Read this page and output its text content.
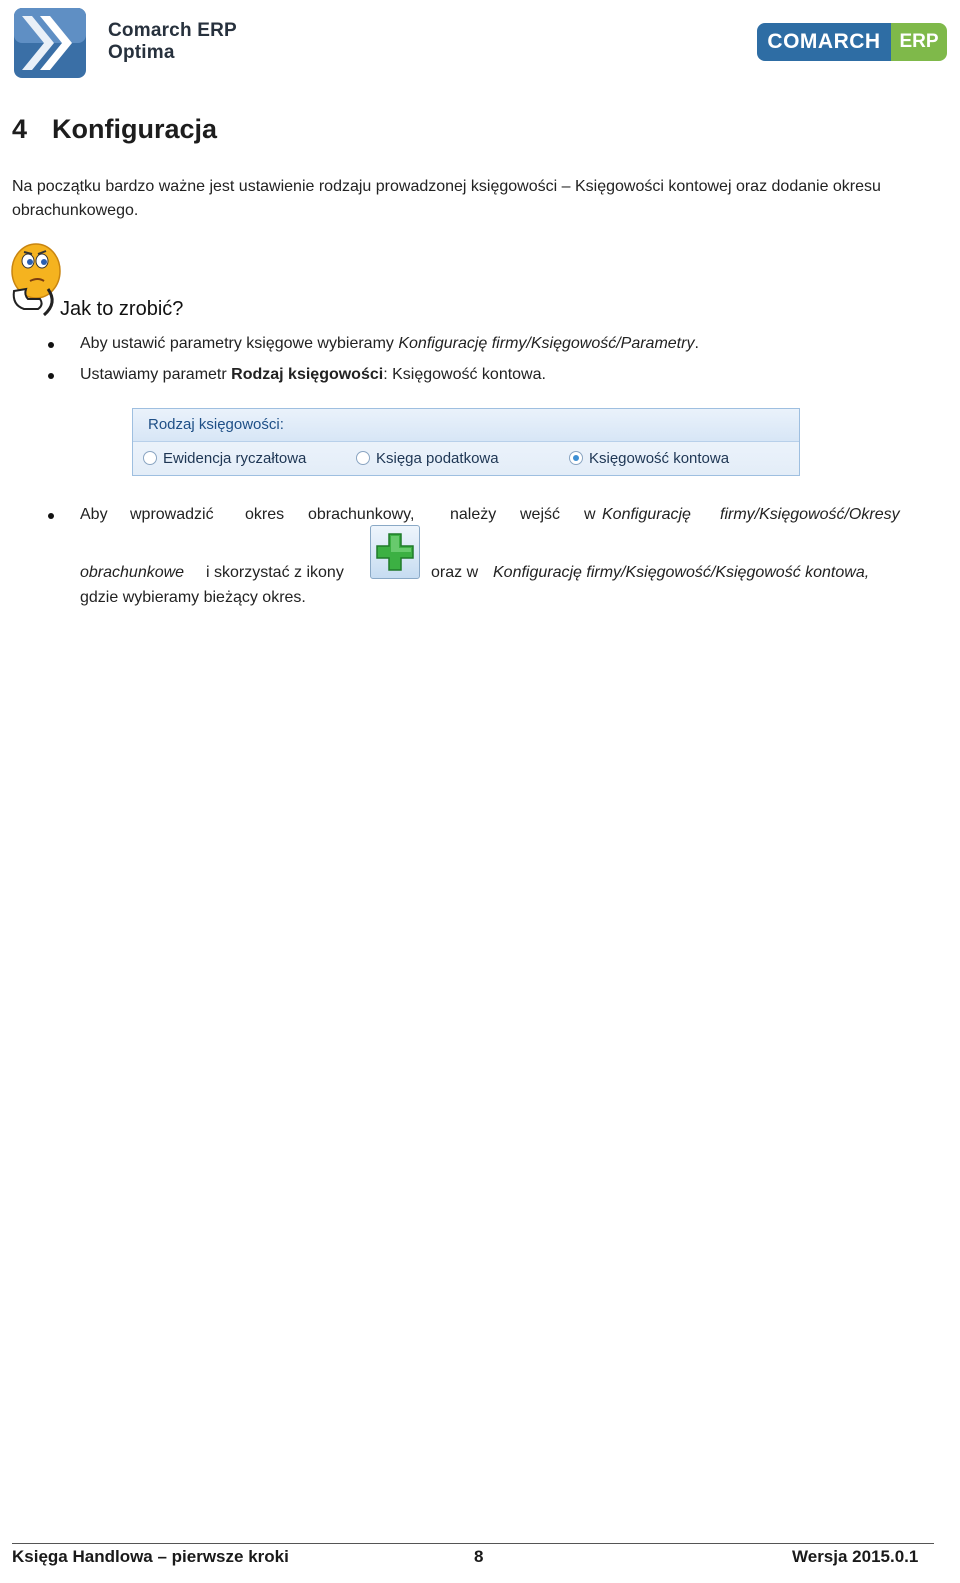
Comarch ERP
Optima	COMARCH ERP
4 Konfiguracja
Na początku bardzo ważne jest ustawienie rodzaju prowadzonej księgowości – Księgowości kontowej oraz dodanie okresu obrachunkowego.
Jak to zrobić?
Aby ustawić parametry księgowe wybieramy Konfigurację firmy/Księgowość/Parametry.
Ustawiamy parametr Rodzaj księgowości: Księgowość kontowa.
Rodzaj księgowości:
Ewidencja ryczałtowa	Księga podatkowa	Księgowość kontowa
Aby wprowadzić okres obrachunkowy, należy wejść w Konfigurację firmy/Księgowość/Okresy
obrachunkowe i skorzystać z ikony	oraz w Konfigurację firmy/Księgowość/Księgowość kontowa,
gdzie wybieramy bieżący okres.
Księga Handlowa – pierwsze kroki	8	Wersja 2015.0.1
